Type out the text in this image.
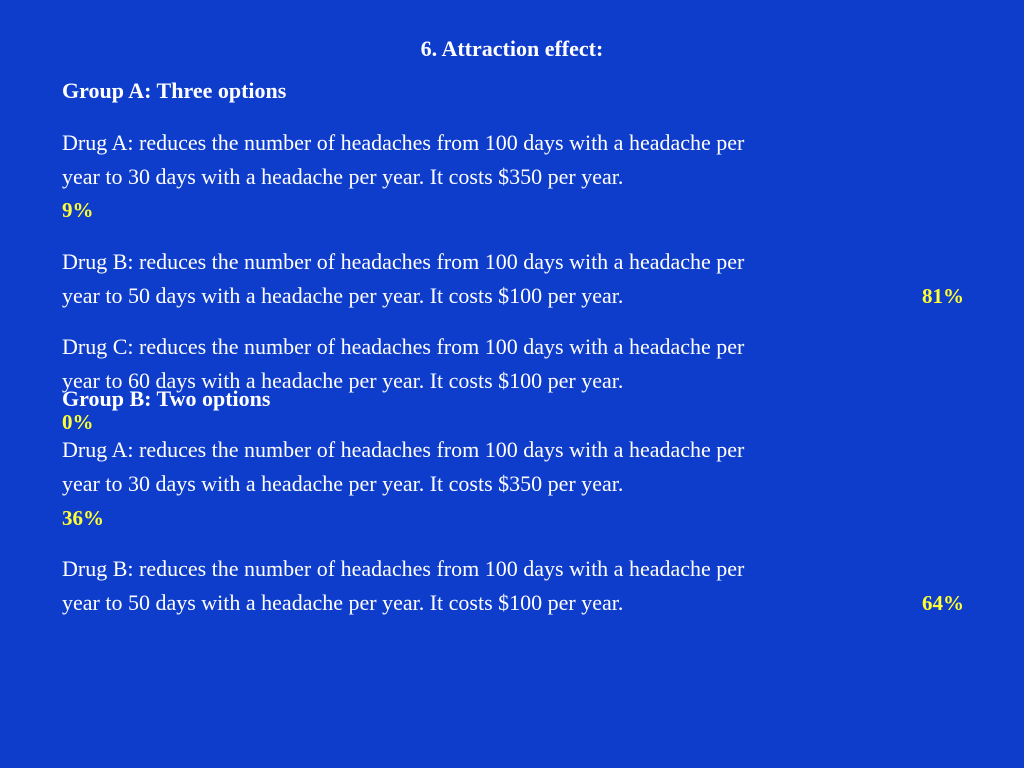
6. Attraction effect:
Group A: Three options
Drug A: reduces the number of headaches from 100 days with a headache per
year to 30 days with a headache per year. It costs $350 per year.
9%
Drug B: reduces the number of headaches from 100 days with a headache per
year to 50 days with a headache per year. It costs $100 per year.	81%
Drug C: reduces the number of headaches from 100 days with a headache per
year to 60 days with a headache per year. It costs $100 per year.
0%
Group B: Two options
Drug A: reduces the number of headaches from 100 days with a headache per
year to 30 days with a headache per year. It costs $350 per year.
36%
Drug B: reduces the number of headaches from 100 days with a headache per
year to 50 days with a headache per year. It costs $100 per year.	64%
